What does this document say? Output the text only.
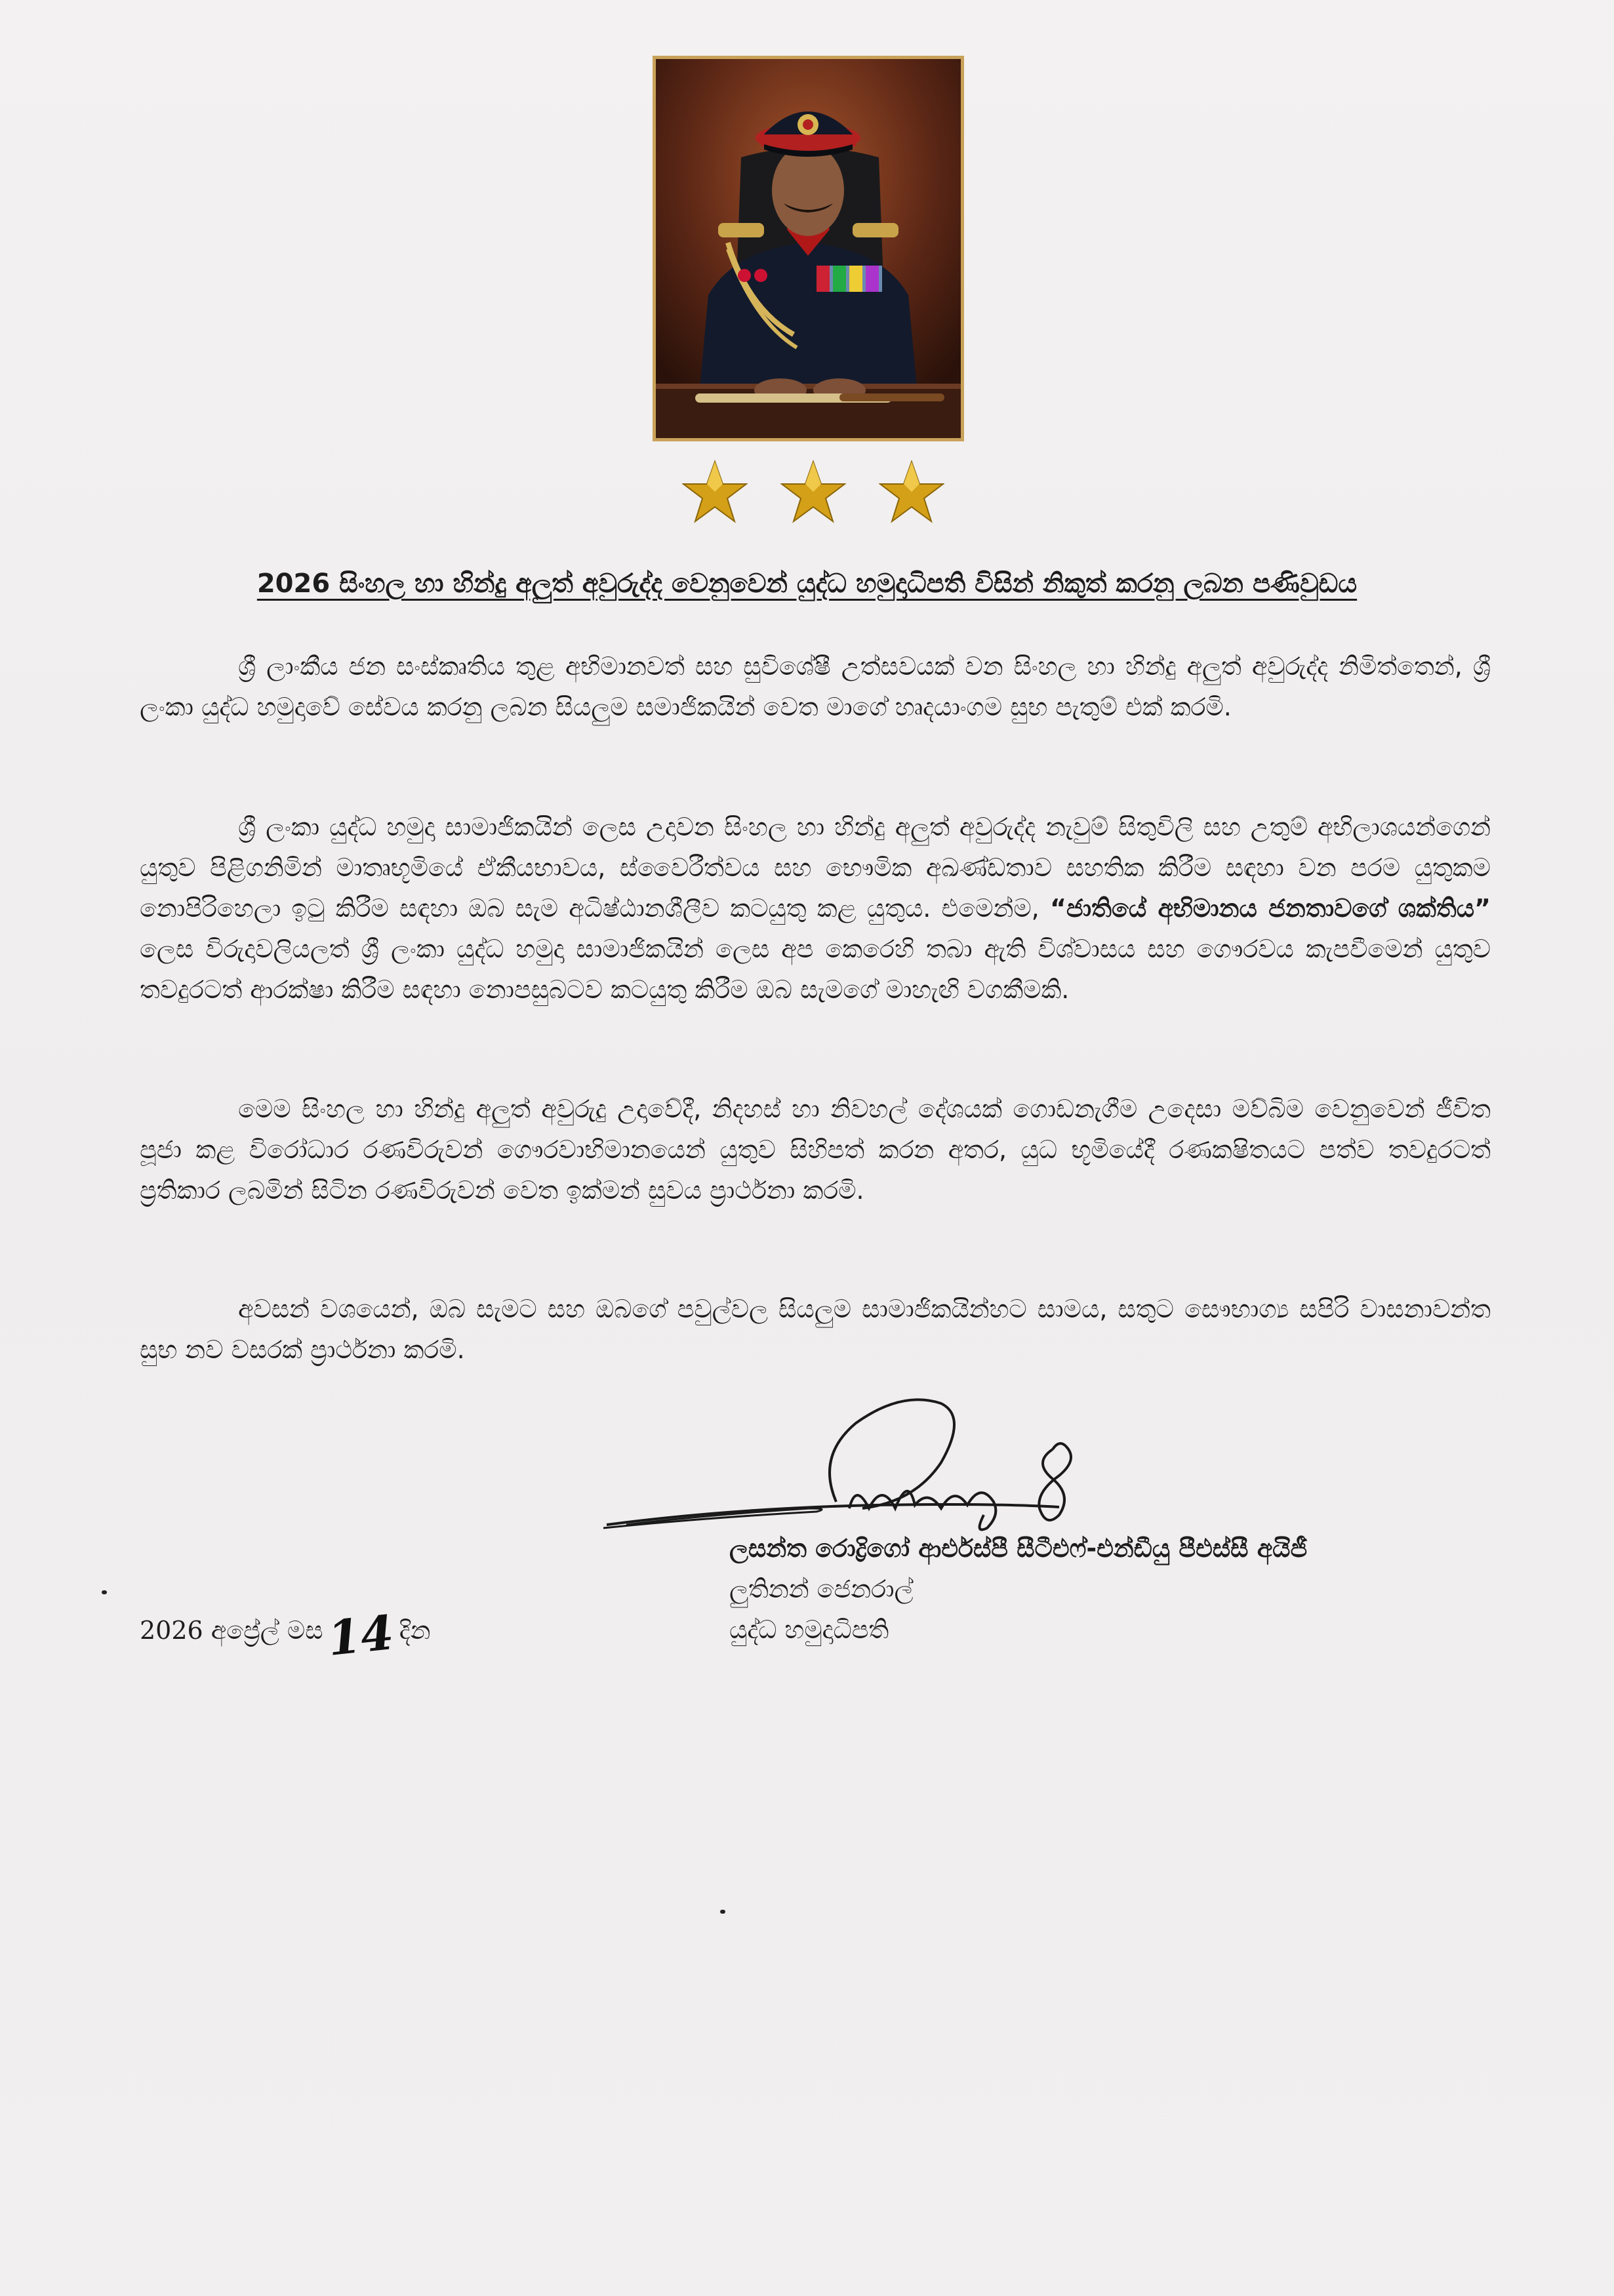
2026 සිංහල හා හින්දු අලුත් අවුරුද්ද වෙනුවෙන් යුද්ධ හමුදාධිපති විසින් නිකුත් කරනු ලබන පණිවුඩය

ශ්‍රී ලාංකීය ජන සංස්කෘතිය තුළ අභිමානවත් සහ සුවිශේෂී උත්සවයක් වන සිංහල හා හින්දු අලුත් අවුරුද්ද නිමිත්තෙන්, ශ්‍රී ලංකා යුද්ධ හමුදාවේ සේවය කරනු ලබන සියලුම සමාජිකයින් වෙත මාගේ හෘදයාංගම සුභ පැතුම් එක් කරමි.

ශ්‍රී ලංකා යුද්ධ හමුදා සාමාජිකයින් ලෙස උදාවන සිංහල හා හින්දු අලුත් අවුරුද්ද නැවුම් සිතුවිලි සහ උතුම් අභිලාශයන්ගෙන් යුතුව පිළිගනිමින් මාතෘභූමියේ ඒකීයභාවය, ස්වෛරීත්වය සහ භෞමික අඛණ්ඩතාව සහතික කිරීම සඳහා වන පරම යුතුකම නොපිරිහෙලා ඉටු කිරීම සඳහා ඔබ සැම අධිෂ්ඨානශීලීව කටයුතු කළ යුතුය. එමෙන්ම, “ජාතියේ අභිමානය ජනතාවගේ ශක්තිය” ලෙස විරුදාවලියලත් ශ්‍රී ලංකා යුද්ධ හමුදා සාමාජිකයින් ලෙස අප කෙරෙහි තබා ඇති විශ්වාසය සහ ගෞරවය කැපවීමෙන් යුතුව තවදුරටත් ආරක්ෂා කිරීම සඳහා නොපසුබටව කටයුතු කිරීම ඔබ සැමගේ මාහැඟි වගකීමකි.

මෙම සිංහල හා හින්දු අලුත් අවුරුදු උදාවේදී, නිදහස් හා නිවහල් දේශයක් ගොඩනැගීම උදෙසා මව්බිම වෙනුවෙන් ජීවිත පූජා කළ විරෝධාර රණවිරුවන් ගෞරවාභිමානයෙන් යුතුව සිහිපත් කරන අතර, යුධ භූමියේදී රණකෂිතයට පත්ව තවදුරටත් ප්‍රතිකාර ලබමින් සිටින රණවිරුවන් වෙත ඉක්මන් සුවය ප්‍රාර්ථනා කරමි.

අවසන් වශයෙන්, ඔබ සැමට සහ ඔබගේ පවුල්වල සියලුම සාමාජිකයින්හට සාමය, සතුට සෞභාග්‍ය සපිරි වාසනාවන්ත සුභ නව වසරක් ප්‍රාර්ථනා කරමි.

ලසන්ත රොද්‍රිගෝ ආර්එස්පී සීටීඑෆ්-එන්ඩීයු පීඑස්සී අයිජී
ලුතිනන් ජෙනරාල්
යුද්ධ හමුදාධිපති
2026 අප්‍රේල් මස 14 දින
